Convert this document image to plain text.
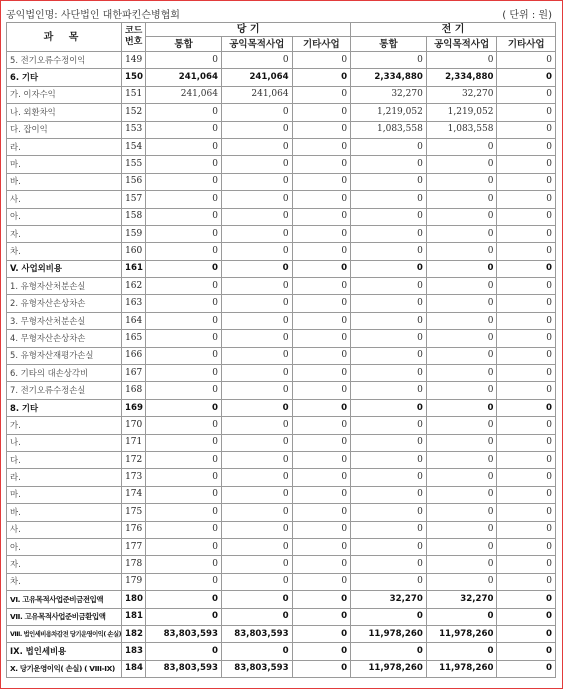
공익법인명: 사단법인 대한파킨슨병협회	( 단위 : 원)
과 목	코드 번호	당 기			전 기		
		통합	공익목적사업	기타사업	통합	공익목적사업	기타사업
5. 전기오류수정이익	149	0	0	0	0	0	0
6. 기타	150	241,064	241,064	0	2,334,880	2,334,880	0
가. 이자수익	151	241,064	241,064	0	32,270	32,270	0
나. 외환차익	152	0	0	0	1,219,052	1,219,052	0
다. 잡이익	153	0	0	0	1,083,558	1,083,558	0
라.	154	0	0	0	0	0	0
마.	155	0	0	0	0	0	0
바.	156	0	0	0	0	0	0
사.	157	0	0	0	0	0	0
아.	158	0	0	0	0	0	0
자.	159	0	0	0	0	0	0
차.	160	0	0	0	0	0	0
V. 사업외비용	161	0	0	0	0	0	0
1. 유형자산처분손실	162	0	0	0	0	0	0
2. 유형자산손상차손	163	0	0	0	0	0	0
3. 무형자산처분손실	164	0	0	0	0	0	0
4. 무형자산손상차손	165	0	0	0	0	0	0
5. 유형자산재평가손실	166	0	0	0	0	0	0
6. 기타의 대손상각비	167	0	0	0	0	0	0
7. 전기오류수정손실	168	0	0	0	0	0	0
8. 기타	169	0	0	0	0	0	0
가.	170	0	0	0	0	0	0
나.	171	0	0	0	0	0	0
다.	172	0	0	0	0	0	0
라.	173	0	0	0	0	0	0
마.	174	0	0	0	0	0	0
바.	175	0	0	0	0	0	0
사.	176	0	0	0	0	0	0
아.	177	0	0	0	0	0	0
자.	178	0	0	0	0	0	0
차.	179	0	0	0	0	0	0
VI. 고유목적사업준비금전입액	180	0	0	0	32,270	32,270	0
VII. 고유목적사업준비금환입액	181	0	0	0	0	0	0
VIII. 법인세비용차감전 당기운영이익( 손실)	182	83,803,593	83,803,593	0	11,978,260	11,978,260	0
IX. 법인세비용	183	0	0	0	0	0	0
X. 당기운영이익( 손실) ( VIII-IX)	184	83,803,593	83,803,593	0	11,978,260	11,978,260	0
